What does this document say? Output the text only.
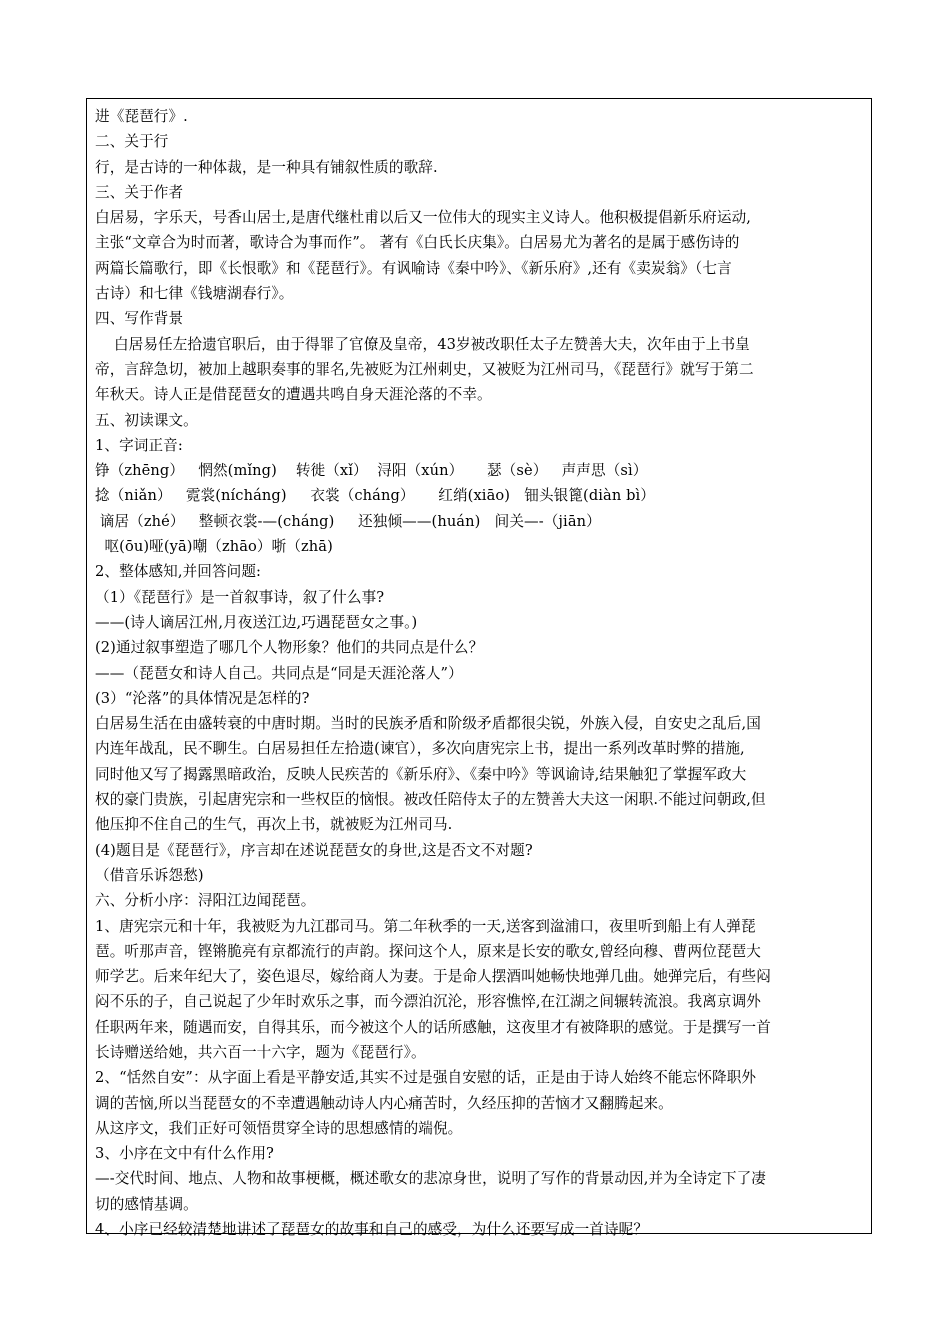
进《琵琶行》.
二、关于行
行，是古诗的一种体裁，是一种具有铺叙性质的歌辞.
三、关于作者
白居易，字乐天，号香山居士,是唐代继杜甫以后又一位伟大的现实主义诗人。他积极提倡新乐府运动,
主张“文章合为时而著，歌诗合为事而作”。 著有《白氏长庆集》。白居易尤为著名的是属于感伤诗的
两篇长篇歌行，即《长恨歌》和《琵琶行》。有讽喻诗《秦中吟》、《新乐府》,还有《卖炭翁》（七言
古诗）和七律《钱塘湖春行》。
四、写作背景
白居易任左拾遗官职后，由于得罪了官僚及皇帝，43岁被改职任太子左赞善大夫，次年由于上书皇
帝，言辞急切，被加上越职奏事的罪名,先被贬为江州刺史，又被贬为江州司马，《琵琶行》就写于第二
年秋天。诗人正是借琵琶女的遭遇共鸣自身天涯沦落的不幸。
五、初读课文。
1、字词正音:
铮（zhēng）   惘然(mǐng)    转徙（xǐ）  浔阳（xún）     瑟（sè）   声声思（sì）
捻（niǎn）   霓裳(nícháng)     衣裳（cháng）     红绡(xiāo)   钿头银篦(diàn bì）
谪居（zhé）   整顿衣裳-—(cháng)     还独倾——(huán)   间关—-（jiān）
呕(ōu)哑(yā)嘲（zhāo）哳（zhā)
2、整体感知,并回答问题:
（1）《琵琶行》是一首叙事诗，叙了什么事?
——(诗人谪居江州,月夜送江边,巧遇琵琶女之事。)
(2)通过叙事塑造了哪几个人物形象？他们的共同点是什么？
——（琵琶女和诗人自己。共同点是“同是天涯沦落人”）
(3）“沦落”的具体情况是怎样的?
白居易生活在由盛转衰的中唐时期。当时的民族矛盾和阶级矛盾都很尖锐，外族入侵，自安史之乱后,国
内连年战乱，民不聊生。白居易担任左拾遗(谏官），多次向唐宪宗上书，提出一系列改革时弊的措施,
同时他又写了揭露黑暗政治，反映人民疾苦的《新乐府》、《秦中吟》等讽谕诗,结果触犯了掌握军政大
权的豪门贵族，引起唐宪宗和一些权臣的恼恨。被改任陪侍太子的左赞善大夫这一闲职.不能过问朝政,但
他压抑不住自己的生气，再次上书，就被贬为江州司马.
(4)题目是《琵琶行》，序言却在述说琵琶女的身世,这是否文不对题?
（借音乐诉怨愁)
六、分析小序：浔阳江边闻琵琶。
1、唐宪宗元和十年，我被贬为九江郡司马。第二年秋季的一天,送客到湓浦口，夜里听到船上有人弹琵
琶。听那声音，铿锵脆亮有京都流行的声韵。探问这个人，原来是长安的歌女,曾经向穆、曹两位琵琶大
师学艺。后来年纪大了，姿色退尽，嫁给商人为妻。于是命人摆酒叫她畅快地弹几曲。她弹完后，有些闷
闷不乐的子，自己说起了少年时欢乐之事，而今漂泊沉沦，形容憔悴,在江湖之间辗转流浪。我离京调外
任职两年来，随遇而安，自得其乐，而今被这个人的话所感触，这夜里才有被降职的感觉。于是撰写一首
长诗赠送给她，共六百一十六字，题为《琵琶行》。
2、“恬然自安”：从字面上看是平静安适,其实不过是强自安慰的话，正是由于诗人始终不能忘怀降职外
调的苦恼,所以当琵琶女的不幸遭遇触动诗人内心痛苦时，久经压抑的苦恼才又翻腾起来。
从这序文，我们正好可领悟贯穿全诗的思想感情的端倪。
3、小序在文中有什么作用?
—-交代时间、地点、人物和故事梗概，概述歌女的悲凉身世，说明了写作的背景动因,并为全诗定下了凄
切的感情基调。
4、小序已经较清楚地讲述了琵琶女的故事和自己的感受，为什么还要写成一首诗呢？
